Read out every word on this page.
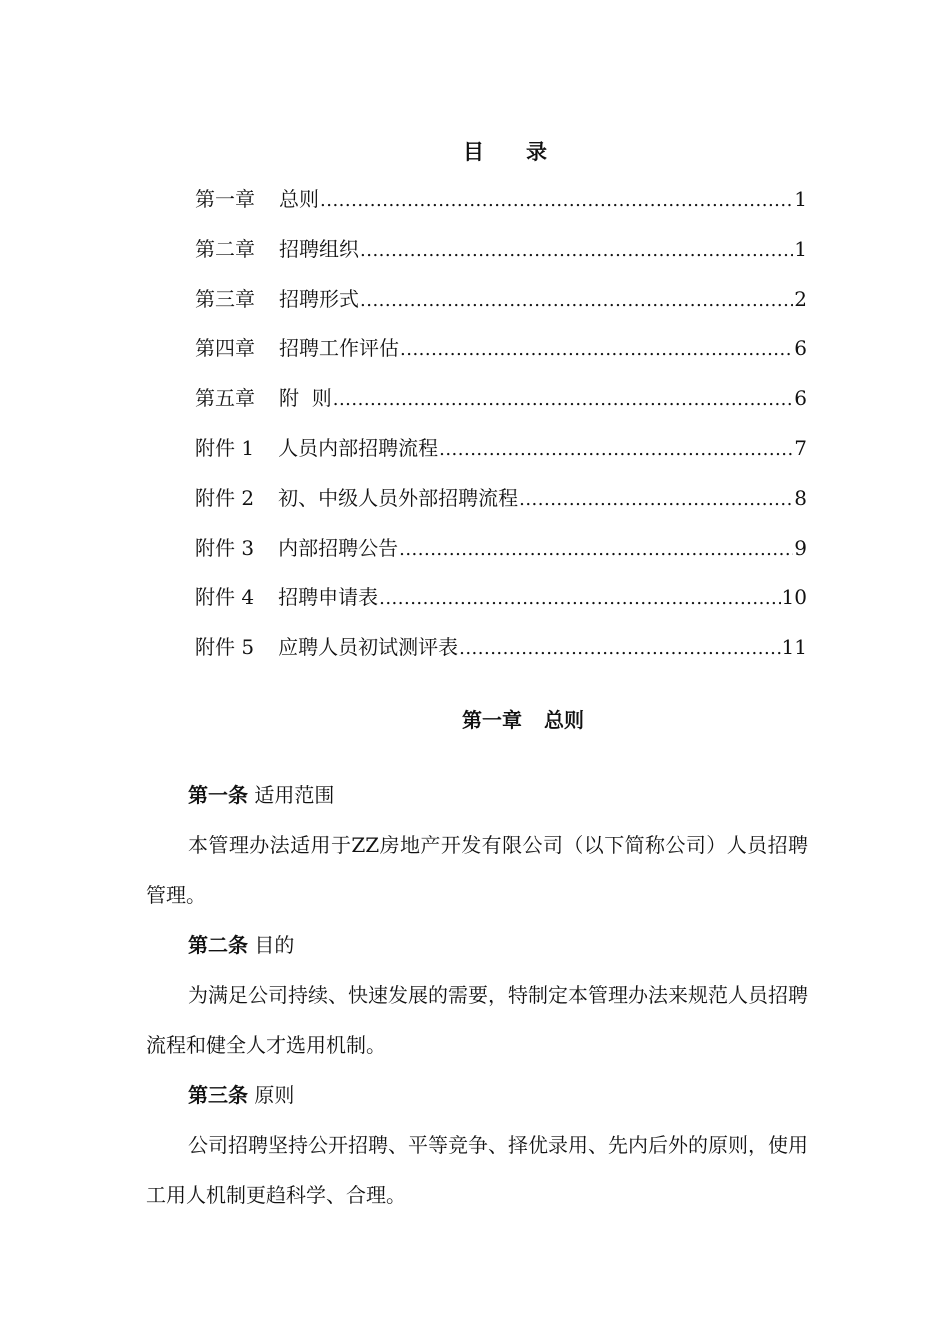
目 录
第一章 总则 .....	1
第二章 招聘组织 .....	1
第三章 招聘形式 .....	2
第四章 招聘工作评估 .....	6
第五章 附  则 .....	6
附件 1 人员内部招聘流程 .....	7
附件 2 初、中级人员外部招聘流程 .....	8
附件 3 内部招聘公告 .....	9
附件 4 招聘申请表 .....	10
附件 5 应聘人员初试测评表 .....	11
第一章 总则

第一条 适用范围

本管理办法适用于ZZ房地产开发有限公司（以下简称公司）人员招聘管理。

第二条 目的

为满足公司持续、快速发展的需要，特制定本管理办法来规范人员招聘流程和健全人才选用机制。

第三条 原则

公司招聘坚持公开招聘、平等竞争、择优录用、先内后外的原则，使用工用人机制更趋科学、合理。
